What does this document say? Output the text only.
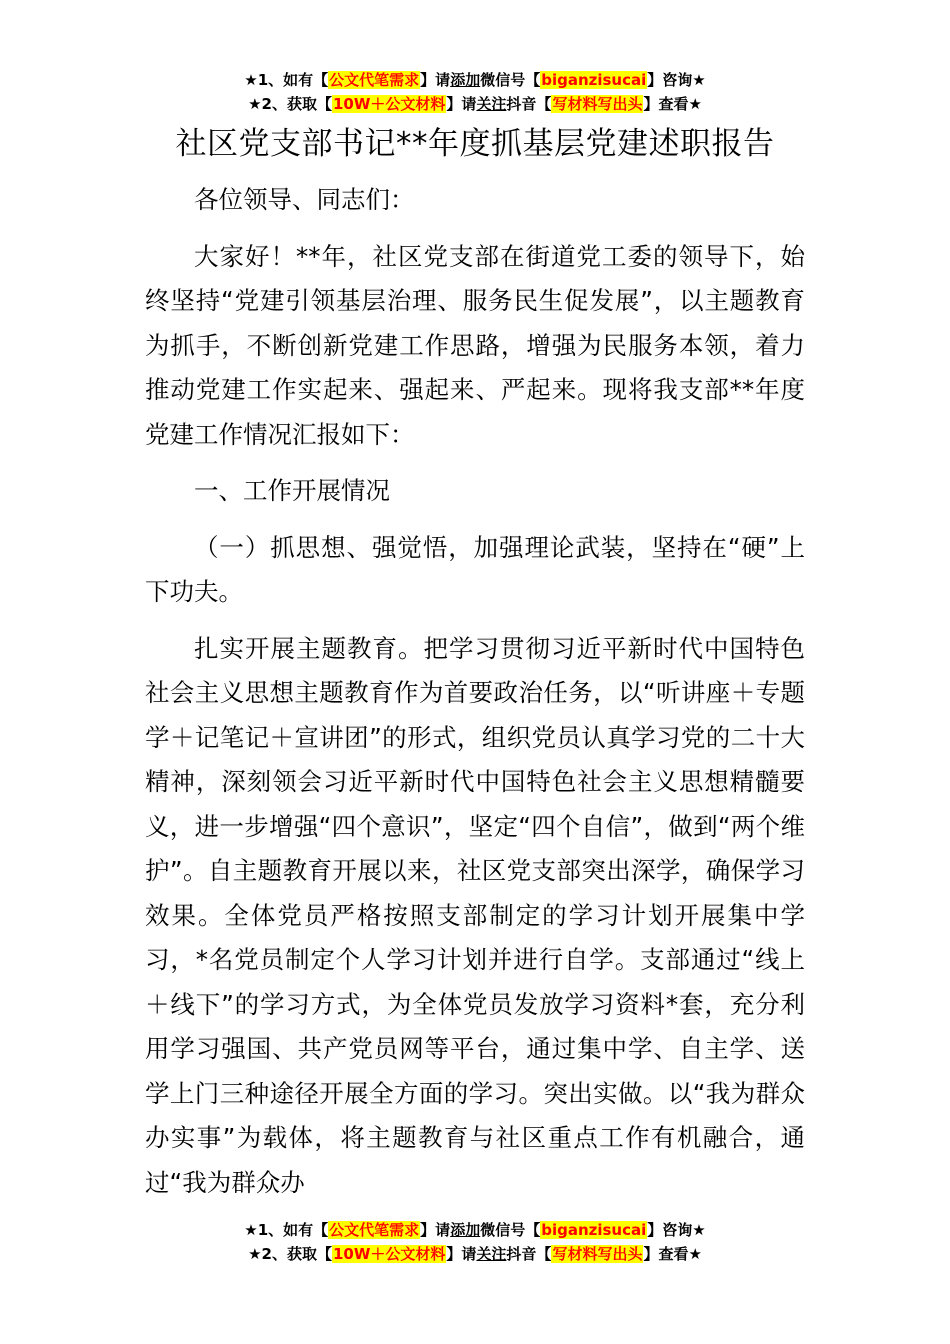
★1、如有【公文代笔需求】请添加微信号【biganzisucai】咨询★
★2、获取【10W＋公文材料】请关注抖音【写材料写出头】查看★
社区党支部书记**年度抓基层党建述职报告

各位领导、同志们：

大家好！**年，社区党支部在街道党工委的领导下，始终坚持“党建引领基层治理、服务民生促发展”，以主题教育为抓手，不断创新党建工作思路，增强为民服务本领，着力推动党建工作实起来、强起来、严起来。现将我支部**年度党建工作情况汇报如下：

一、工作开展情况

（一）抓思想、强觉悟，加强理论武装，坚持在“硬”上下功夫。

扎实开展主题教育。把学习贯彻习近平新时代中国特色社会主义思想主题教育作为首要政治任务，以“听讲座＋专题学＋记笔记＋宣讲团”的形式，组织党员认真学习党的二十大精神，深刻领会习近平新时代中国特色社会主义思想精髓要义，进一步增强“四个意识”，坚定“四个自信”，做到“两个维护”。自主题教育开展以来，社区党支部突出深学，确保学习效果。全体党员严格按照支部制定的学习计划开展集中学习，*名党员制定个人学习计划并进行自学。支部通过“线上＋线下”的学习方式，为全体党员发放学习资料*套，充分利用学习强国、共产党员网等平台，通过集中学、自主学、送学上门三种途径开展全方面的学习。突出实做。以“我为群众办实事”为载体，将主题教育与社区重点工作有机融合，通过“我为群众办

★1、如有【公文代笔需求】请添加微信号【biganzisucai】咨询★
★2、获取【10W＋公文材料】请关注抖音【写材料写出头】查看★
